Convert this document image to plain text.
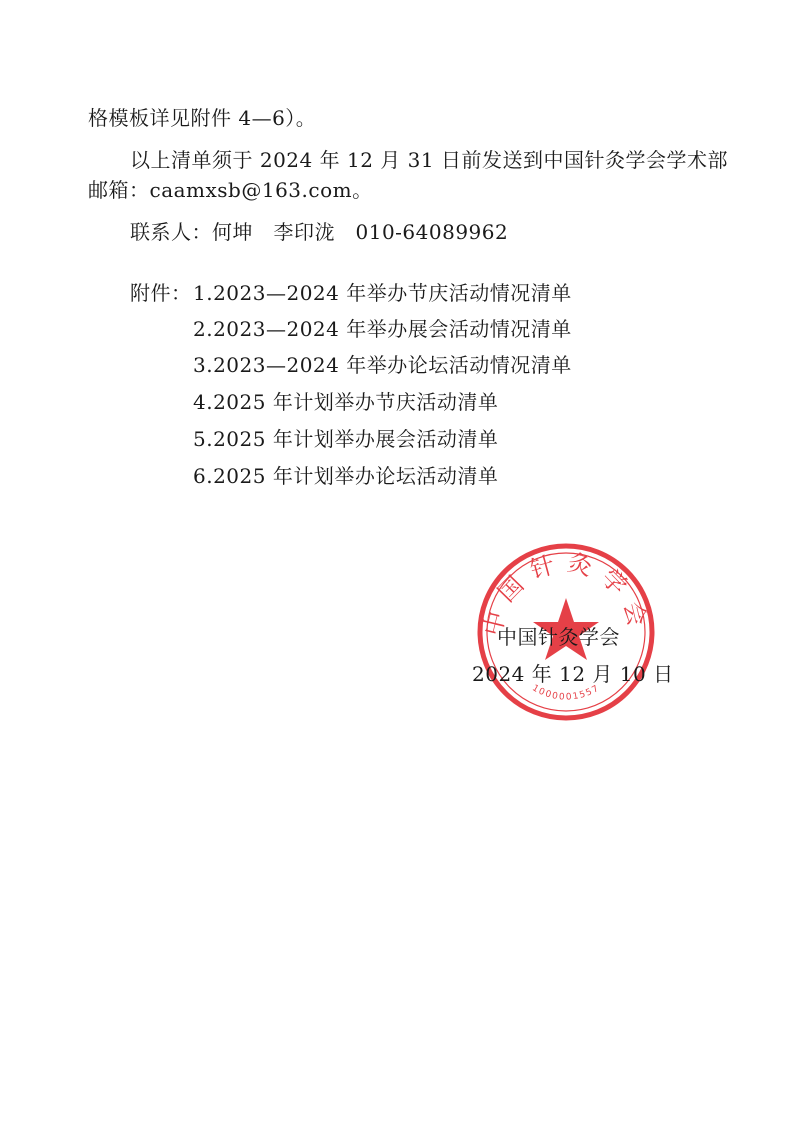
格模板详见附件 4—6）。
以上清单须于 2024 年 12 月 31 日前发送到中国针灸学会学术部
邮箱：caamxsb@163.com。
联系人：何坤　李印泷　010-64089962
附件： 1.2023—2024 年举办节庆活动情况清单
2.2023—2024 年举办展会活动情况清单
3.2023—2024 年举办论坛活动情况清单
4.2025 年计划举办节庆活动清单
5.2025 年计划举办展会活动清单
6.2025 年计划举办论坛活动清单
中国针灸学会
1000001557
中国针灸学会
2024 年 12 月 10 日
